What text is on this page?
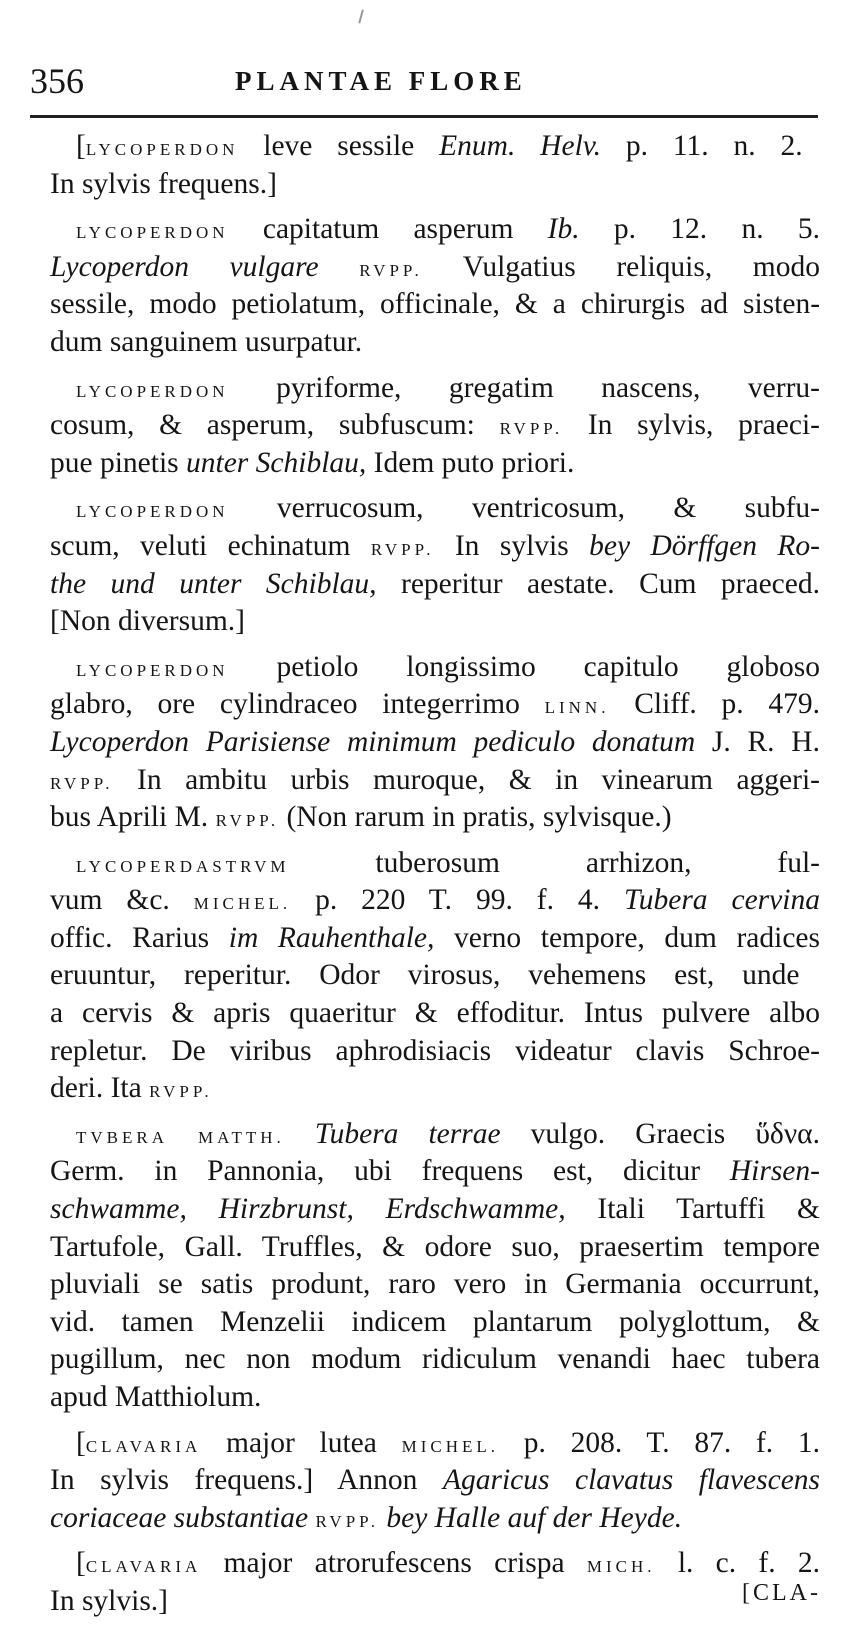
356	PLANTAE FLORE
[LYCOPERDON leve sessile Enum. Helv. p. 11. n. 2.
In sylvis frequens.]
LYCOPERDON capitatum asperum Ib. p. 12. n. 5.
Lycoperdon vulgare RVPP. Vulgatius reliquis, modo
sessile, modo petiolatum, officinale, & a chirurgis ad sisten-
dum sanguinem usurpatur.
LYCOPERDON pyriforme, gregatim nascens, verru-
cosum, & asperum, subfuscum: RVPP. In sylvis, praeci-
pue pinetis unter Schiblau, Idem puto priori.
LYCOPERDON verrucosum, ventricosum, & subfu-
scum, veluti echinatum RVPP. In sylvis bey Dörffgen Ro-
the und unter Schiblau, reperitur aestate. Cum praeced.
[Non diversum.]
LYCOPERDON petiolo longissimo capitulo globoso
glabro, ore cylindraceo integerrimo LINN. Cliff. p. 479.
Lycoperdon Parisiense minimum pediculo donatum J. R. H.
RVPP. In ambitu urbis muroque, & in vinearum aggeri-
bus Aprili M. RVPP. (Non rarum in pratis, sylvisque.)
LYCOPERDASTRVM tuberosum arrhizon, ful-
vum &c. MICHEL. p. 220 T. 99. f. 4. Tubera cervina
offic. Rarius im Rauhenthale, verno tempore, dum radices
eruuntur, reperitur. Odor virosus, vehemens est, unde
a cervis & apris quaeritur & effoditur. Intus pulvere albo
repletur. De viribus aphrodisiacis videatur clavis Schroe-
deri. Ita RVPP.
TVBERA MATTH. Tubera terrae vulgo. Graecis ὕδνα.
Germ. in Pannonia, ubi frequens est, dicitur Hirsen-
schwamme, Hirzbrunst, Erdschwamme, Itali Tartuffi &
Tartufole, Gall. Truffles, & odore suo, praesertim tempore
pluviali se satis produnt, raro vero in Germania occurrunt,
vid. tamen Menzelii indicem plantarum polyglottum, &
pugillum, nec non modum ridiculum venandi haec tubera
apud Matthiolum.
[CLAVARIA major lutea MICHEL. p. 208. T. 87. f. 1.
In sylvis frequens.] Annon Agaricus clavatus flavescens
coriaceae substantiae RVPP. bey Halle auf der Heyde.
[CLAVARIA major atrorufescens crispa MICH. l. c. f. 2.
In sylvis.]	[CLA-
